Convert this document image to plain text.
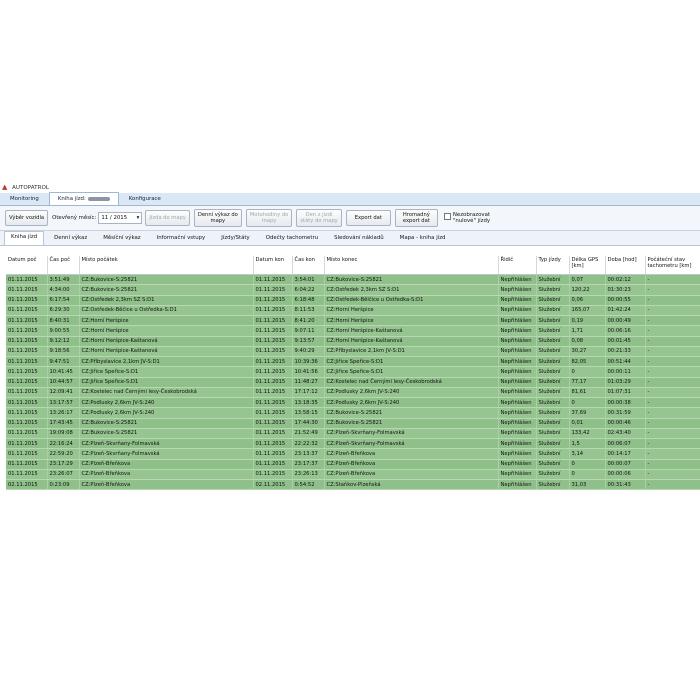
▲ AUTOPATROL
Monitoring	Kniha jízd:	Konfigurace
Výběr vozidla	Otevřený měsíc: 11 / 2015 ▾	Jízda do mapy	Denní výkaz do
mapy
Motohodiny do
mapy
Den z jízdí
státy do mapy	Export dat	Hromadný
export dat
Nezobrazovat
"nulové" jízdy
Kniha jízd	Denní výkaz	Měsíční výkaz	Informační vstupy	Jízdy/Státy	Odečty tachometru	Sledování nákladů	Mapa - kniha jízd
Datum poč	Čas poč	Místo počátek	Datum kon	Čas kon	Místo konec	Řidič	Typ jízdy	Délka GPS [km]	Doba [hod]	Počáteční stav tachometru [km]
01.11.2015	3:51:49	CZ:Bukovice-S:25821	01.11.2015	3:54:01	CZ:Bukovice-S:25821	Nepřihlášen	Služební	0,07	00:02:12	-
01.11.2015	4:34:00	CZ:Bukovice-S:25821	01.11.2015	6:04:22	CZ:Ostředek 2,3km SZ S:D1	Nepřihlášen	Služební	120,22	01:30:23	-
01.11.2015	6:17:54	CZ:Ostředek 2,3km SZ S:D1	01.11.2015	6:18:48	CZ:Ostředek-Bělčice u Ostředka-S:D1	Nepřihlášen	Služební	0,06	00:00:55	-
01.11.2015	6:29:30	CZ:Ostředek-Běčice u Ostředka-S:D1	01.11.2015	8:11:53	CZ:Horní Heršpice	Nepřihlášen	Služební	165,07	01:42:24	-
01.11.2015	8:40:31	CZ:Horní Heršpice	01.11.2015	8:41:20	CZ:Horní Heršpice	Nepřihlášen	Služební	0,19	00:00:49	-
01.11.2015	9:00:55	CZ:Horní Heršpice	01.11.2015	9:07:11	CZ:Horní Heršpice-Kaštanová	Nepřihlášen	Služební	1,71	00:06:16	-
01.11.2015	9:12:12	CZ:Horní Heršpice-Kaštanová	01.11.2015	9:13:57	CZ:Horní Heršpice-Kaštanová	Nepřihlášen	Služební	0,08	00:01:45	-
01.11.2015	9:18:56	CZ:Horní Heršpice-Kaštanová	01.11.2015	9:40:29	CZ:Příbyslavice 2,1km JV-S:D1	Nepřihlášen	Služební	30,27	00:21:33	-
01.11.2015	9:47:51	CZ:Příbyslavice 2,1km JV-S:D1	01.11.2015	10:39:36	CZ:Jiřice Speřice-S:D1	Nepřihlášen	Služební	82,05	00:51:44	-
01.11.2015	10:41:45	CZ:Jiřice Speřice-S:D1	01.11.2015	10:41:56	CZ:Jiřice Speřice-S:D1	Nepřihlášen	Služební	0	00:00:11	-
01.11.2015	10:44:57	CZ:Jiřice Speřice-S:D1	01.11.2015	11:48:27	CZ:Kostelec nad Černými lesy-Českobrodská	Nepřihlášen	Služební	77,17	01:03:29	-
01.11.2015	12:09:41	CZ:Kostelec nad Černými lesy-Českobrodská	01.11.2015	17:17:12	CZ:Podlusky 2,6km JV-S:240	Nepřihlášen	Služební	81,61	01:07:31	-
01.11.2015	13:17:57	CZ:Podlusky 2,6km JV-S:240	01.11.2015	13:18:35	CZ:Podlusky 2,6km JV-S:240	Nepřihlášen	Služební	0	00:00:38	-
01.11.2015	13:26:17	CZ:Podlusky 2,6km JV-S:240	01.11.2015	13:58:15	CZ:Bukovice-S:25821	Nepřihlášen	Služební	37,69	00:31:59	-
01.11.2015	17:43:45	CZ:Bukovice-S:25821	01.11.2015	17:44:30	CZ:Bukovice-S:25821	Nepřihlášen	Služební	0,01	00:00:46	-
01.11.2015	19:09:08	CZ:Bukovice-S:25821	01.11.2015	21:52:49	CZ:Plzeň-Skvrňany-Folmavská	Nepřihlášen	Služební	133,42	02:43:40	-
01.11.2015	22:16:24	CZ:Plzeň-Skvrňany-Folmavská	01.11.2015	22:22:32	CZ:Plzeň-Skvrňany-Folmavská	Nepřihlášen	Služební	1,5	00:06:07	-
01.11.2015	22:59:20	CZ:Plzeň-Skvrňany-Folmavská	01.11.2015	23:13:37	CZ:Plzeň-Břeňkova	Nepřihlášen	Služební	3,14	00:14:17	-
01.11.2015	23:17:29	CZ:Plzeň-Břeňkova	01.11.2015	23:17:37	CZ:Plzeň-Břeňkova	Nepřihlášen	Služební	0	00:00:07	-
01.11.2015	23:26:07	CZ:Plzeň-Břeňkova	01.11.2015	23:26:13	CZ:Plzeň-Břeňkova	Nepřihlášen	Služební	0	00:00:06	-
02.11.2015	0:23:09	CZ:Plzeň-Břeňkova	02.11.2015	0:54:52	CZ:Staňkov-Plzeňská	Nepřihlášen	Služební	31,03	00:31:43	-
